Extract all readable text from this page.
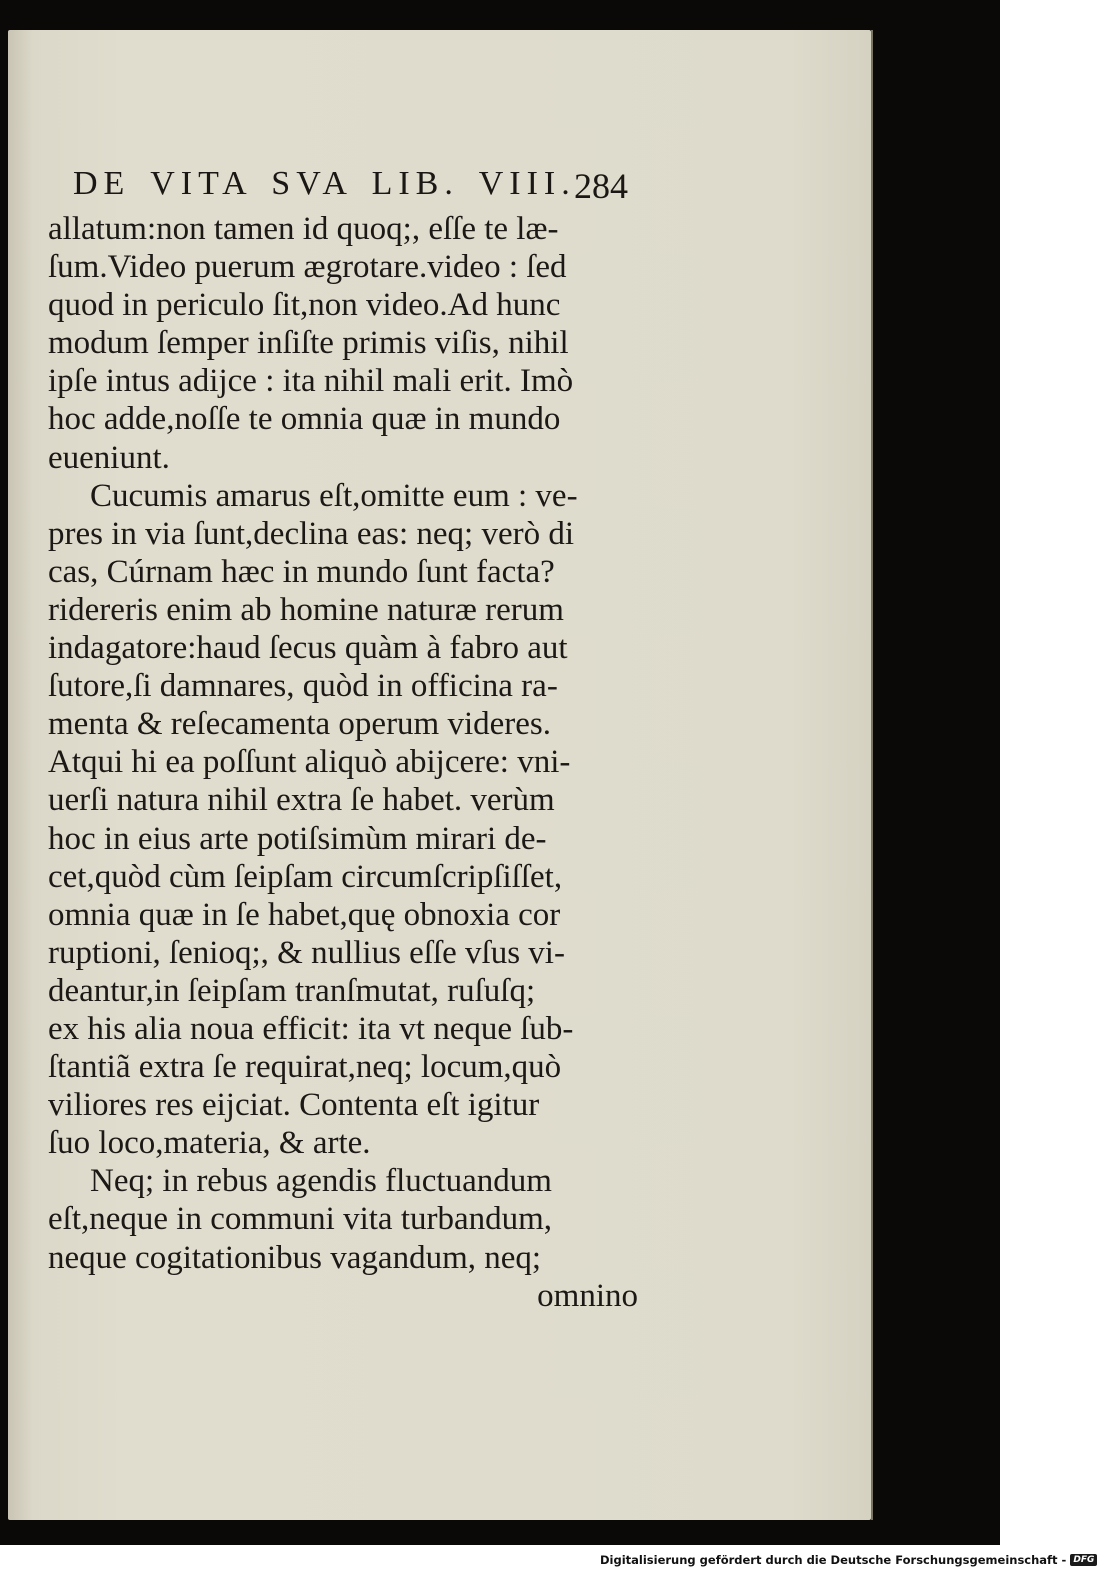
DE VITA SVA LIB. VIII.
284
allatum:non tamen id quoq;, eſſe te læ-
ſum.Video puerum ægrotare.video : ſed
quod in periculo ſit,non video.Ad hunc
modum ſemper inſiſte primis viſis, nihil
ipſe intus adijce : ita nihil mali erit. Imò
hoc adde,noſſe te omnia quæ in mundo
eueniunt.
Cucumis amarus eſt,omitte eum : ve-
pres in via ſunt,declina eas: neq; verò di
cas, Cúrnam hæc in mundo ſunt facta?
ridereris enim ab homine naturæ rerum
indagatore:haud ſecus quàm à fabro aut
ſutore,ſi damnares, quòd in officina ra-
menta & reſecamenta operum videres.
Atqui hi ea poſſunt aliquò abijcere: vni-
uerſi natura nihil extra ſe habet. verùm
hoc in eius arte potiſsimùm mirari de-
cet,quòd cùm ſeipſam circumſcripſiſſet,
omnia quæ in ſe habet,quę obnoxia cor
ruptioni, ſenioq;, & nullius eſſe vſus vi-
deantur,in ſeipſam tranſmutat, ruſuſq;
ex his alia noua efficit: ita vt neque ſub-
ſtantiã extra ſe requirat,neq; locum,quò
viliores res eijciat. Contenta eſt igitur
ſuo loco,materia, & arte.
Neq; in rebus agendis fluctuandum
eſt,neque in communi vita turbandum,
neque cogitationibus vagandum, neq;
omnino
Digitalisierung gefördert durch die Deutsche Forschungsgemeinschaft - DFG
